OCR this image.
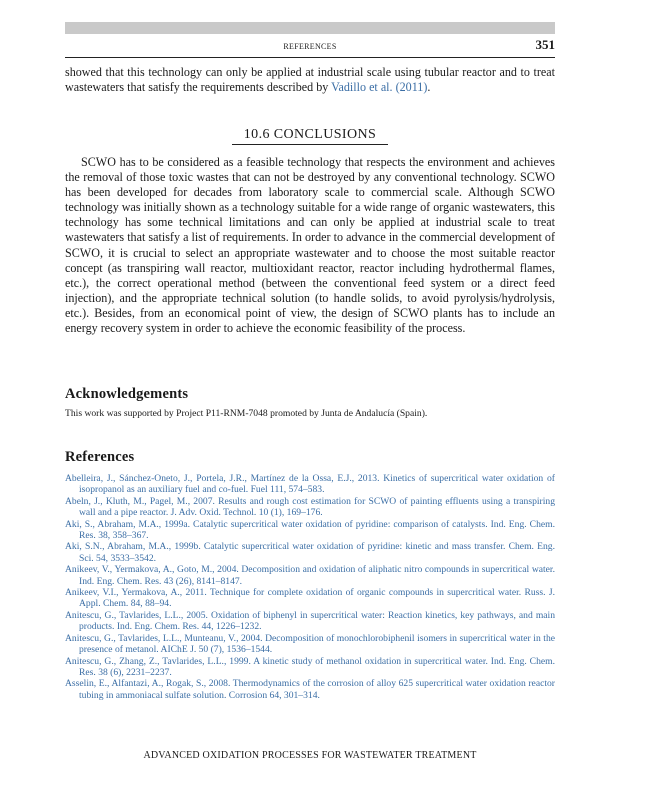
REFERENCES	351
showed that this technology can only be applied at industrial scale using tubular reactor and to treat wastewaters that satisfy the requirements described by Vadillo et al. (2011).
10.6 CONCLUSIONS
SCWO has to be considered as a feasible technology that respects the environment and achieves the removal of those toxic wastes that can not be destroyed by any conventional technology. SCWO has been developed for decades from laboratory scale to commercial scale. Although SCWO technology was initially shown as a technology suitable for a wide range of organic wastewaters, this technology has some technical limitations and can only be applied at industrial scale to treat wastewaters that satisfy a list of requirements. In order to advance in the commercial development of SCWO, it is crucial to select an appropriate wastewater and to choose the most suitable reactor concept (as transpiring wall reactor, multioxidant reactor, reactor including hydrothermal flames, etc.), the correct operational method (between the conventional feed system or a direct feed injection), and the appropriate technical solution (to handle solids, to avoid pyrolysis/hydrolysis, etc.). Besides, from an economical point of view, the design of SCWO plants has to include an energy recovery system in order to achieve the economic feasibility of the process.
Acknowledgements
This work was supported by Project P11-RNM-7048 promoted by Junta de Andalucía (Spain).
References

Abelleira, J., Sánchez-Oneto, J., Portela, J.R., Martínez de la Ossa, E.J., 2013. Kinetics of supercritical water oxidation of isopropanol as an auxiliary fuel and co-fuel. Fuel 111, 574–583.

Abeln, J., Kluth, M., Pagel, M., 2007. Results and rough cost estimation for SCWO of painting effluents using a transpiring wall and a pipe reactor. J. Adv. Oxid. Technol. 10 (1), 169–176.

Aki, S., Abraham, M.A., 1999a. Catalytic supercritical water oxidation of pyridine: comparison of catalysts. Ind. Eng. Chem. Res. 38, 358–367.

Aki, S.N., Abraham, M.A., 1999b. Catalytic supercritical water oxidation of pyridine: kinetic and mass transfer. Chem. Eng. Sci. 54, 3533–3542.

Anikeev, V., Yermakova, A., Goto, M., 2004. Decomposition and oxidation of aliphatic nitro compounds in supercritical water. Ind. Eng. Chem. Res. 43 (26), 8141–8147.

Anikeev, V.I., Yermakova, A., 2011. Technique for complete oxidation of organic compounds in supercritical water. Russ. J. Appl. Chem. 84, 88–94.

Anitescu, G., Tavlarides, L.L., 2005. Oxidation of biphenyl in supercritical water: Reaction kinetics, key pathways, and main products. Ind. Eng. Chem. Res. 44, 1226–1232.

Anitescu, G., Tavlarides, L.L., Munteanu, V., 2004. Decomposition of monochlorobiphenil isomers in supercritical water in the presence of metanol. AIChE J. 50 (7), 1536–1544.

Anitescu, G., Zhang, Z., Tavlarides, L.L., 1999. A kinetic study of methanol oxidation in supercritical water. Ind. Eng. Chem. Res. 38 (6), 2231–2237.

Asselin, E., Alfantazi, A., Rogak, S., 2008. Thermodynamics of the corrosion of alloy 625 supercritical water oxidation reactor tubing in ammoniacal sulfate solution. Corrosion 64, 301–314.

ADVANCED OXIDATION PROCESSES FOR WASTEWATER TREATMENT
